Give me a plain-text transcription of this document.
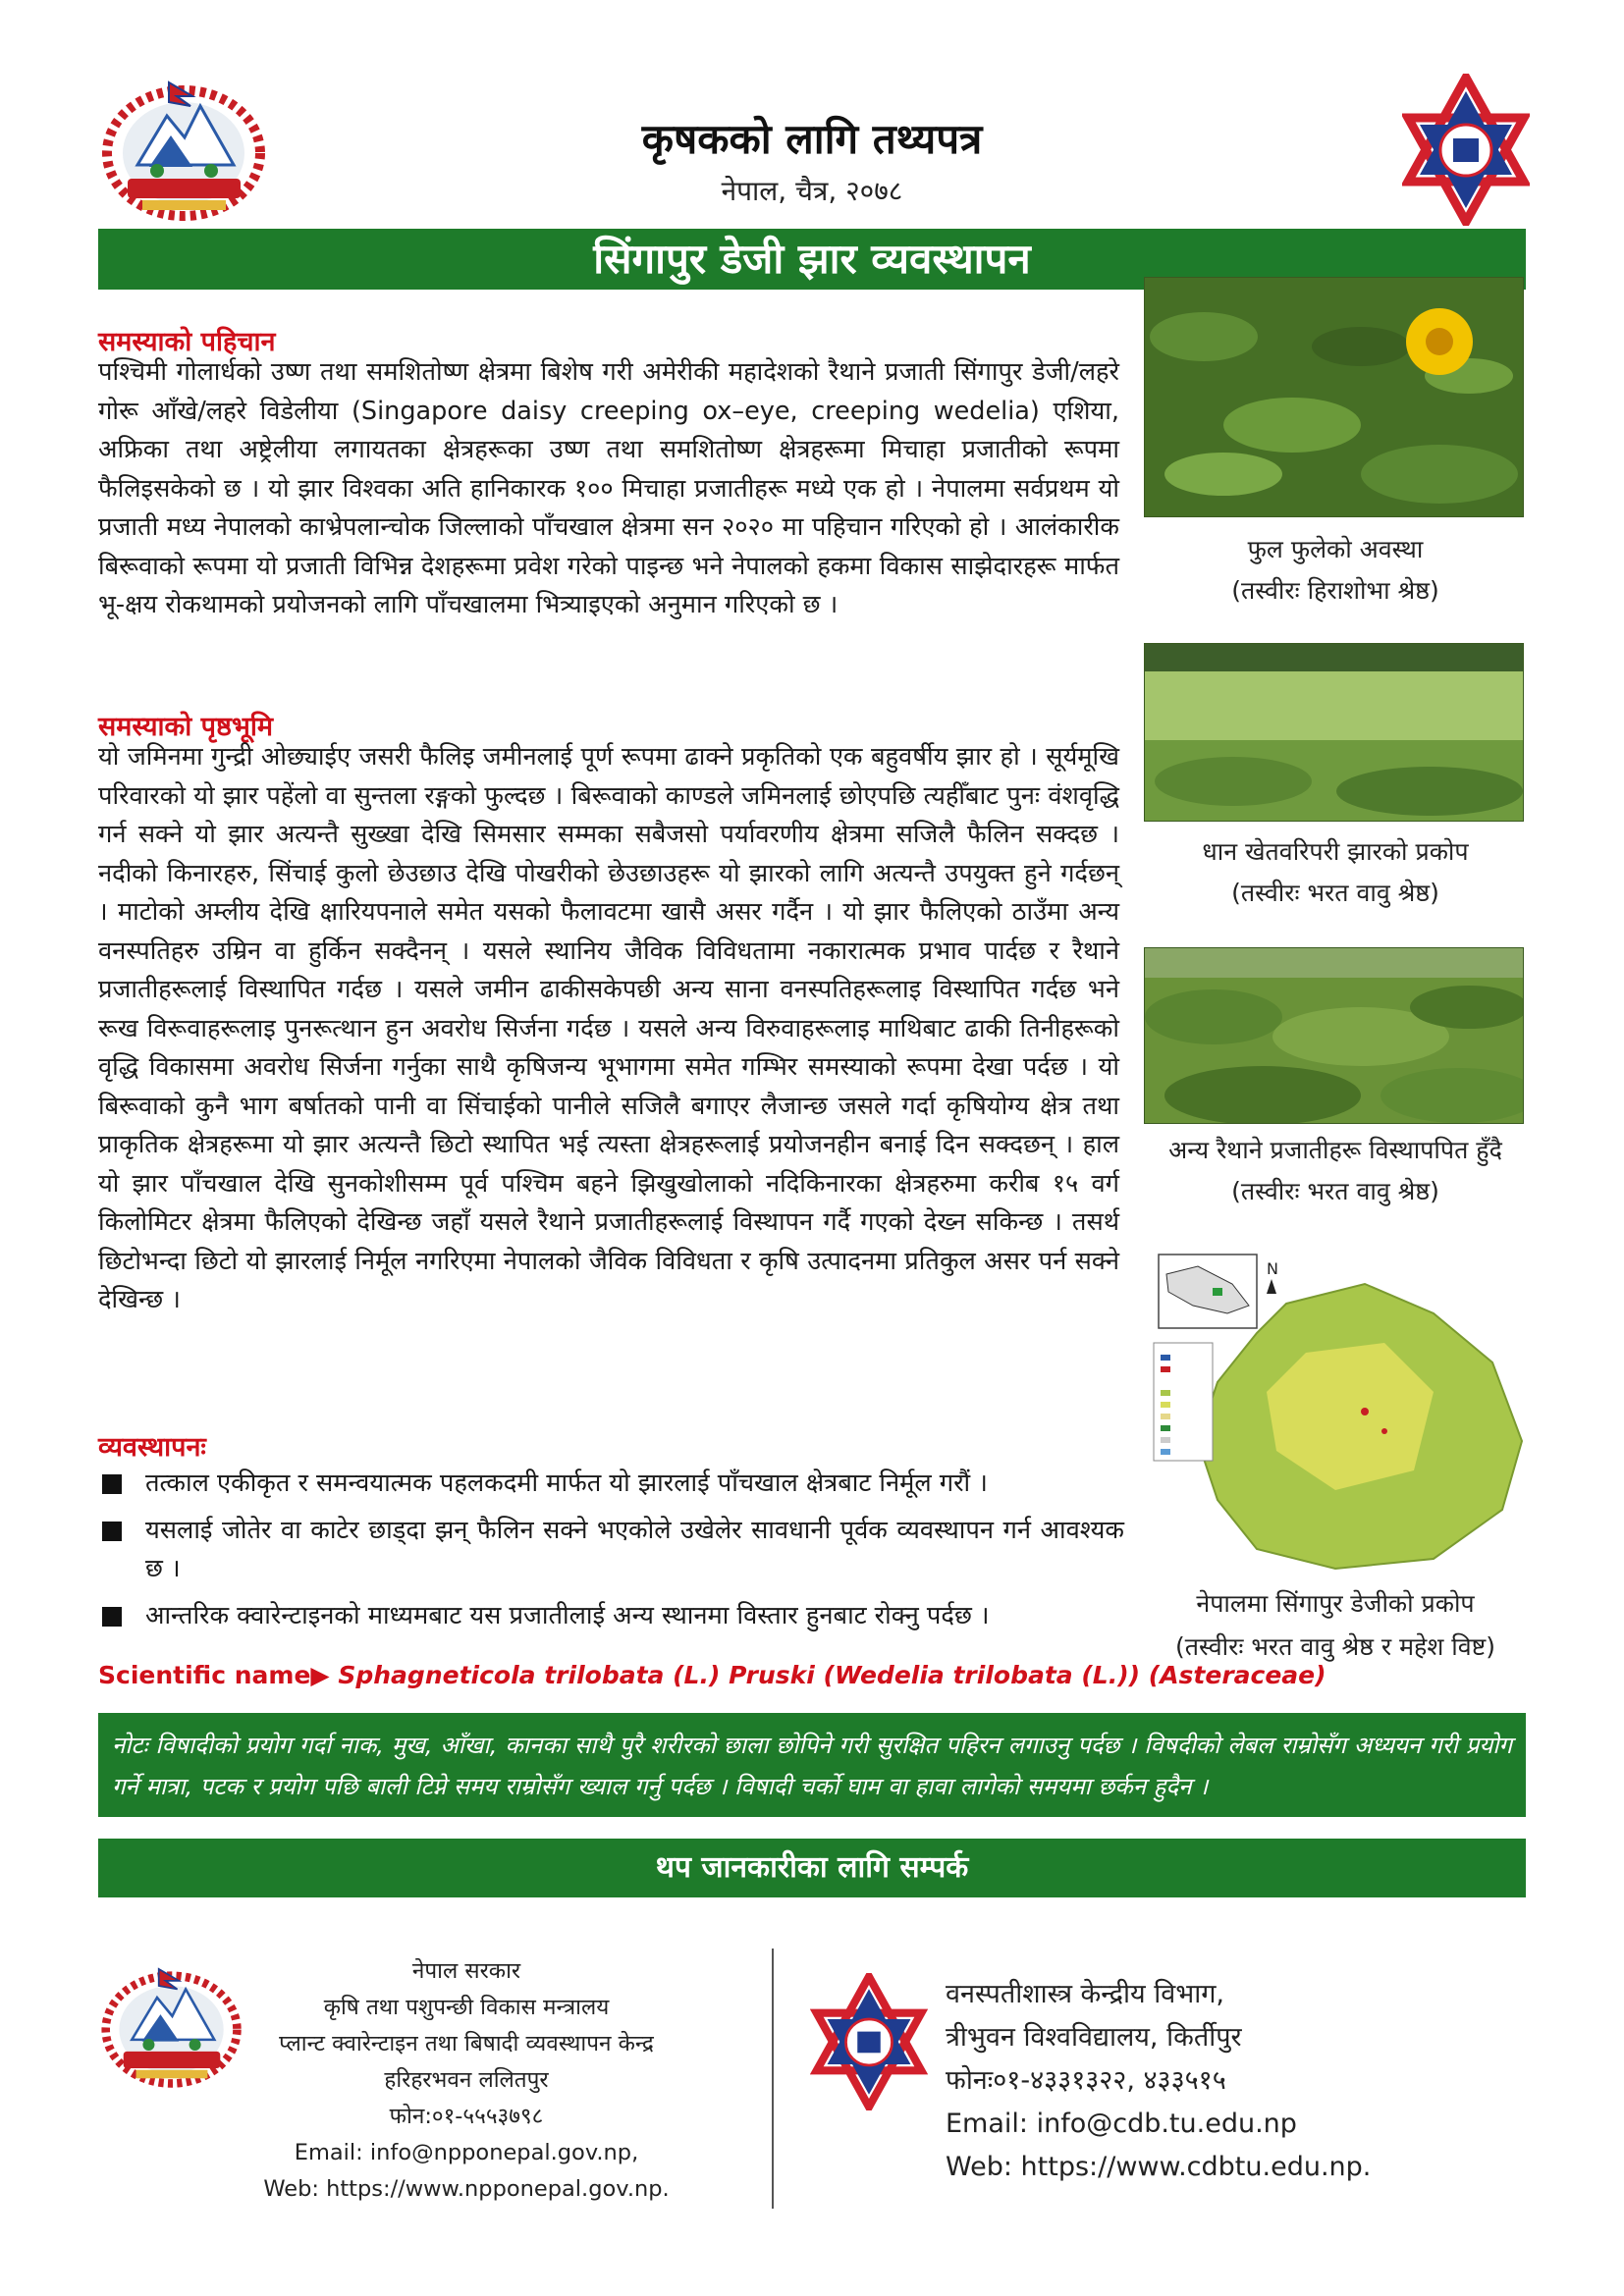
कृषकको लागि तथ्यपत्र
नेपाल, चैत्र, २०७८
सिंगापुर डेजी झार व्यवस्थापन
समस्याको पहिचान
पश्चिमी गोलार्धको उष्ण तथा समशितोष्ण क्षेत्रमा बिशेष गरी अमेरीकी महादेशको रैथाने प्रजाती सिंगापुर डेजी/लहरे गोरू आँखे/लहरे विडेलीया (Singapore daisy creeping ox–eye, creeping wedelia) एशिया, अफ्रिका तथा अष्ट्रेलीया लगायतका क्षेत्रहरूका उष्ण तथा समशितोष्ण क्षेत्रहरूमा मिचाहा प्रजातीको रूपमा फैलिइसकेको छ । यो झार विश्वका अति हानिकारक १०० मिचाहा प्रजातीहरू मध्ये एक हो । नेपालमा सर्वप्रथम यो प्रजाती मध्य नेपालको काभ्रेपलान्चोक जिल्लाको पाँचखाल क्षेत्रमा सन २०२० मा पहिचान गरिएको हो । आलंकारीक बिरूवाको रूपमा यो प्रजाती विभिन्न देशहरूमा प्रवेश गरेको पाइन्छ भने नेपालको हकमा विकास साझेदारहरू मार्फत भू-क्षय रोकथामको प्रयोजनको लागि पाँचखालमा भित्र्याइएको अनुमान गरिएको छ ।
समस्याको पृष्ठभूमि
यो जमिनमा गुन्द्री ओछ्याईए जसरी फैलिइ जमीनलाई पूर्ण रूपमा ढाक्ने प्रकृतिको एक बहुवर्षीय झार हो । सूर्यमूखि परिवारको यो झार पहेंलो वा सुन्तला रङ्गको फुल्दछ । बिरूवाको काण्डले जमिनलाई छोएपछि त्यहीँबाट पुनः वंशवृद्धि गर्न सक्ने यो झार अत्यन्तै सुख्खा देखि सिमसार सम्मका सबैजसो पर्यावरणीय क्षेत्रमा सजिलै फैलिन सक्दछ । नदीको किनारहरु, सिंचाई कुलो छेउछाउ देखि पोखरीको छेउछाउहरू यो झारको लागि अत्यन्तै उपयुक्त हुने गर्दछन् । माटोको अम्लीय देखि क्षारियपनाले समेत यसको फैलावटमा खासै असर गर्दैन । यो झार फैलिएको ठाउँमा अन्य वनस्पतिहरु उम्रिन वा हुर्किन सक्दैनन् । यसले स्थानिय जैविक विविधतामा नकारात्मक प्रभाव पार्दछ र रैथाने प्रजातीहरूलाई विस्थापित गर्दछ । यसले जमीन ढाकीसकेपछी अन्य साना वनस्पतिहरूलाइ विस्थापित गर्दछ भने रूख विरूवाहरूलाइ पुनरूत्थान हुन अवरोध सिर्जना गर्दछ । यसले अन्य विरुवाहरूलाइ माथिबाट ढाकी तिनीहरूको वृद्धि विकासमा अवरोध सिर्जना गर्नुका साथै कृषिजन्य भूभागमा समेत गम्भिर समस्याको रूपमा देखा पर्दछ । यो बिरूवाको कुनै भाग बर्षातको पानी वा सिंचाईको पानीले सजिलै बगाएर लैजान्छ जसले गर्दा कृषियोग्य क्षेत्र तथा प्राकृतिक क्षेत्रहरूमा यो झार अत्यन्तै छिटो स्थापित भई त्यस्ता क्षेत्रहरूलाई प्रयोजनहीन बनाई दिन सक्दछन् । हाल यो झार पाँचखाल देखि सुनकोशीसम्म पूर्व पश्चिम बहने झिखुखोलाको नदिकिनारका क्षेत्रहरुमा करीब १५ वर्ग किलोमिटर क्षेत्रमा फैलिएको देखिन्छ जहाँ यसले रैथाने प्रजातीहरूलाई विस्थापन गर्दै गएको देख्न सकिन्छ । तसर्थ छिटोभन्दा छिटो यो झारलाई निर्मूल नगरिएमा नेपालको जैविक विविधता र कृषि उत्पादनमा प्रतिकुल असर पर्न सक्ने देखिन्छ ।
व्यवस्थापनः
तत्काल एकीकृत र समन्वयात्मक पहलकदमी मार्फत यो झारलाई पाँचखाल क्षेत्रबाट निर्मूल गरौं ।
यसलाई जोतेर वा काटेर छाड्दा झन् फैलिन सक्ने भएकोले उखेलेर सावधानी पूर्वक व्यवस्थापन गर्न आवश्यक छ ।
आन्तरिक क्वारेन्टाइनको माध्यमबाट यस प्रजातीलाई अन्य स्थानमा विस्तार हुनबाट रोक्नु पर्दछ ।
Scientific name▶ Sphagneticola trilobata (L.) Pruski (Wedelia trilobata (L.)) (Asteraceae)
फुल फुलेको अवस्था
(तस्वीरः हिराशोभा श्रेष्ठ)
धान खेतवरिपरी झारको प्रकोप
(तस्वीरः भरत वावु श्रेष्ठ)
अन्य रैथाने प्रजातीहरू विस्थापपित हुँदै
(तस्वीरः भरत वावु श्रेष्ठ)
N
नेपालमा सिंगापुर डेजीको प्रकोप
(तस्वीरः भरत वावु श्रेष्ठ र महेश विष्ट)
नोटः विषादीको प्रयोग गर्दा नाक, मुख, आँखा, कानका साथै पुरै शरीरको छाला छोपिने गरी सुरक्षित पहिरन लगाउनु पर्दछ । विषदीको लेबल राम्रोसँग अध्ययन गरी प्रयोग गर्ने मात्रा, पटक र प्रयोग पछि बाली टिप्ने समय राम्रोसँग ख्याल गर्नु पर्दछ । विषादी चर्को घाम वा हावा लागेको समयमा छर्कन हुदैन ।
थप जानकारीका लागि सम्पर्क
नेपाल सरकार
कृषि तथा पशुपन्छी विकास मन्त्रालय
प्लान्ट क्वारेन्टाइन तथा बिषादी व्यवस्थापन केन्द्र
हरिहरभवन ललितपुर
फोन:०१-५५५३७९८
Email: info@npponepal.gov.np,
Web: https://www.npponepal.gov.np.
वनस्पतीशास्त्र केन्द्रीय विभाग,
त्रीभुवन विश्वविद्यालय, किर्तीपुर
फोनः०१-४३३१३२२, ४३३५१५
Email: info@cdb.tu.edu.np
Web: https://www.cdbtu.edu.np.
